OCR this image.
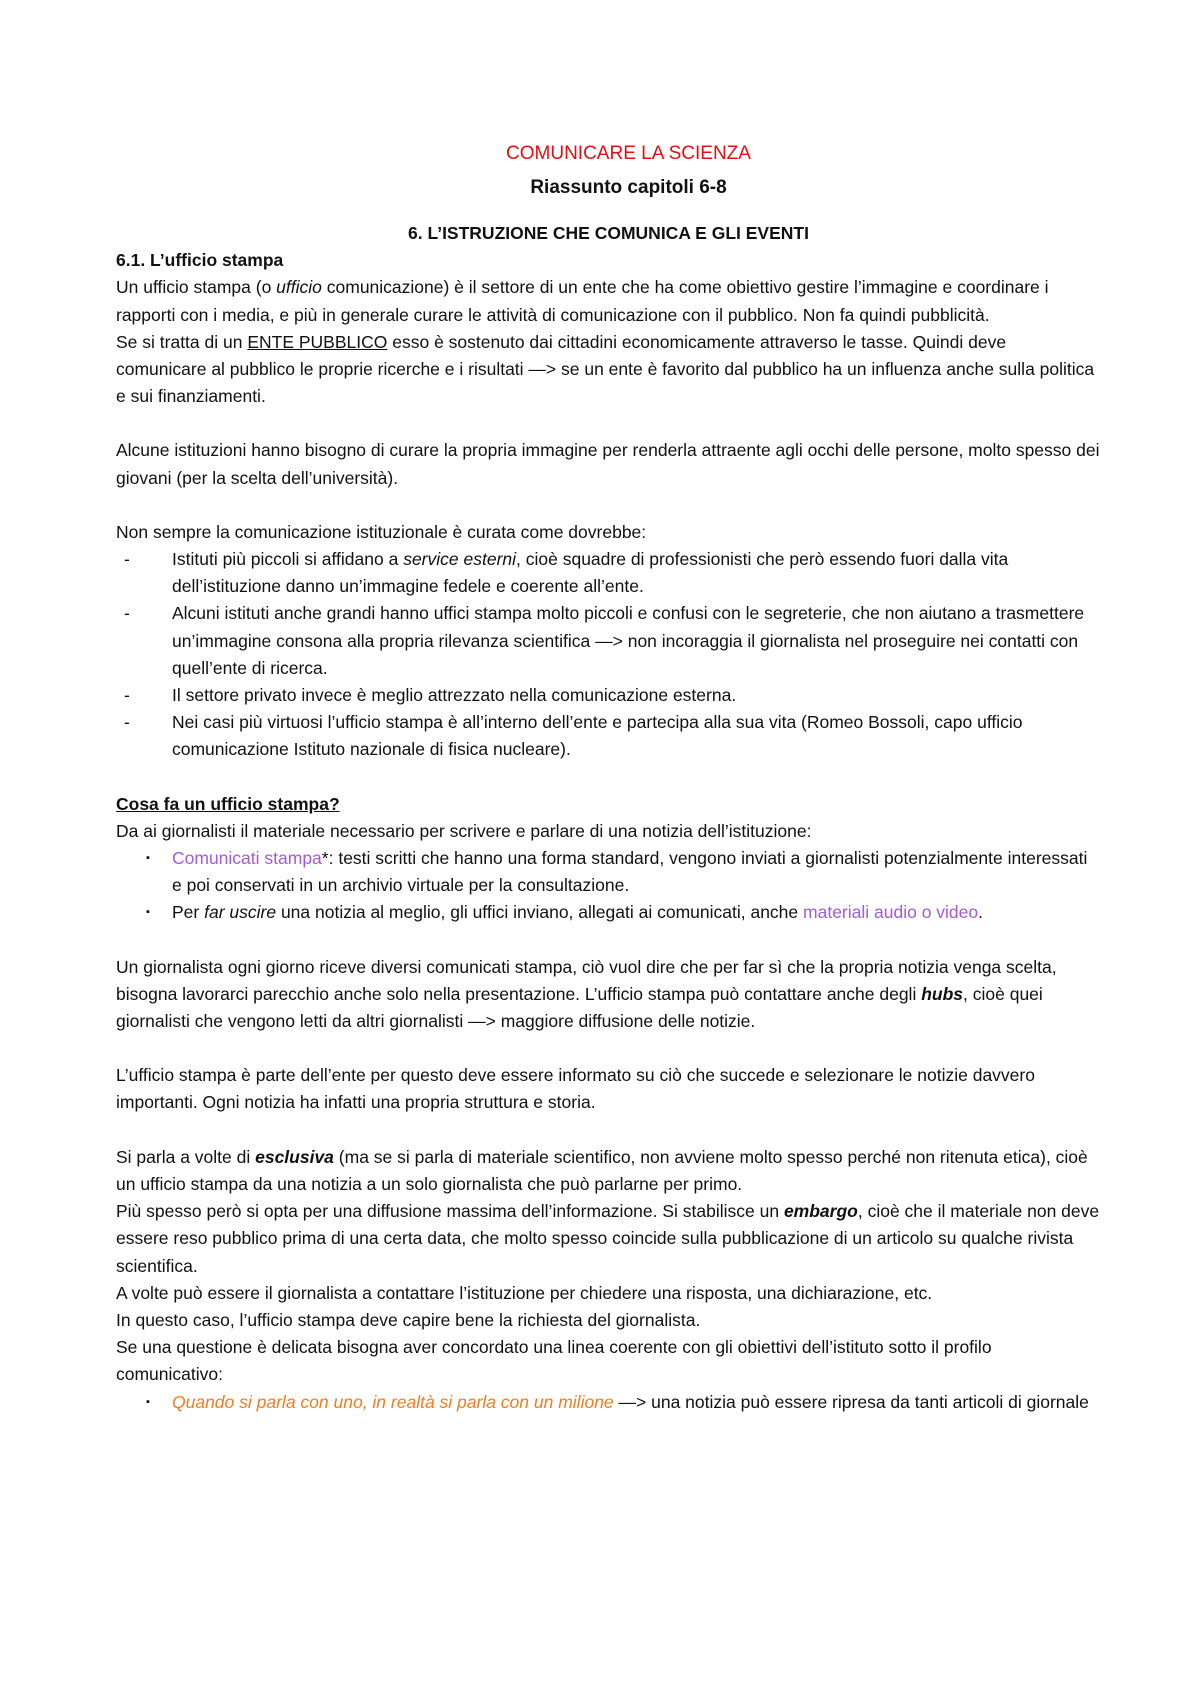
COMUNICARE LA SCIENZA
Riassunto capitoli 6-8
6. L’ISTRUZIONE CHE COMUNICA E GLI EVENTI
6.1. L’ufficio stampa

Un ufficio stampa (o ufficio comunicazione) è il settore di un ente che ha come obiettivo gestire l’immagine e coordinare i rapporti con i media, e più in generale curare le attività di comunicazione con il pubblico. Non fa quindi pubblicità.

Se si tratta di un ENTE PUBBLICO esso è sostenuto dai cittadini economicamente attraverso le tasse. Quindi deve comunicare al pubblico le proprie ricerche e i risultati —> se un ente è favorito dal pubblico ha un influenza anche sulla politica e sui finanziamenti.

Alcune istituzioni hanno bisogno di curare la propria immagine per renderla attraente agli occhi delle persone, molto spesso dei giovani (per la scelta dell’università).

Non sempre la comunicazione istituzionale è curata come dovrebbe:

- Istituti più piccoli si affidano a service esterni, cioè squadre di professionisti che però essendo fuori dalla vita dell’istituzione danno un’immagine fedele e coerente all’ente.
- Alcuni istituti anche grandi hanno uffici stampa molto piccoli e confusi con le segreterie, che non aiutano a trasmettere un’immagine consona alla propria rilevanza scientifica —> non incoraggia il giornalista nel proseguire nei contatti con quell’ente di ricerca.
- Il settore privato invece è meglio attrezzato nella comunicazione esterna.
- Nei casi più virtuosi l’ufficio stampa è all’interno dell’ente e partecipa alla sua vita (Romeo Bossoli, capo ufficio comunicazione Istituto nazionale di fisica nucleare).
Cosa fa un ufficio stampa?

Da ai giornalisti il materiale necessario per scrivere e parlare di una notizia dell’istituzione:

▪ Comunicati stampa*: testi scritti che hanno una forma standard, vengono inviati a giornalisti potenzialmente interessati e poi conservati in un archivio virtuale per la consultazione.
▪ Per far uscire una notizia al meglio, gli uffici inviano, allegati ai comunicati, anche materiali audio o video.

Un giornalista ogni giorno riceve diversi comunicati stampa, ciò vuol dire che per far sì che la propria notizia venga scelta, bisogna lavorarci parecchio anche solo nella presentazione. L’ufficio stampa può contattare anche degli hubs, cioè quei giornalisti che vengono letti da altri giornalisti —> maggiore diffusione delle notizie.

L’ufficio stampa è parte dell’ente per questo deve essere informato su ciò che succede e selezionare le notizie davvero importanti. Ogni notizia ha infatti una propria struttura e storia.

Si parla a volte di esclusiva (ma se si parla di materiale scientifico, non avviene molto spesso perché non ritenuta etica), cioè un ufficio stampa da una notizia a un solo giornalista che può parlarne per primo.

Più spesso però si opta per una diffusione massima dell’informazione. Si stabilisce un embargo, cioè che il materiale non deve essere reso pubblico prima di una certa data, che molto spesso coincide sulla pubblicazione di un articolo su qualche rivista scientifica.

A volte può essere il giornalista a contattare l’istituzione per chiedere una risposta, una dichiarazione, etc.

In questo caso, l’ufficio stampa deve capire bene la richiesta del giornalista.

Se una questione è delicata bisogna aver concordato una linea coerente con gli obiettivi dell’istituto sotto il profilo comunicativo:

▪ Quando si parla con uno, in realtà si parla con un milione —> una notizia può essere ripresa da tanti articoli di giornale
